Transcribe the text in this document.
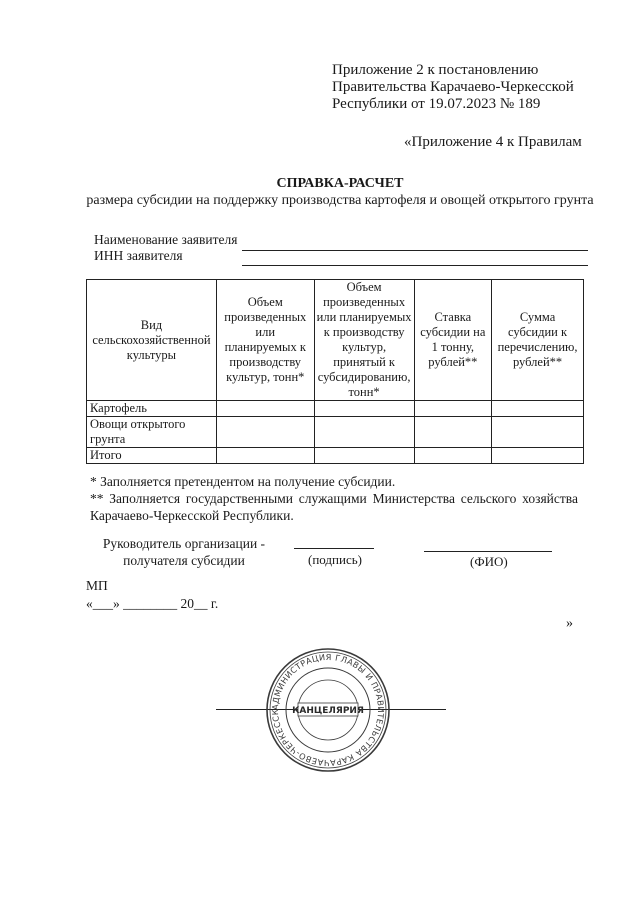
Приложение 2 к постановлению
Правительства Карачаево-Черкесской
Республики от 19.07.2023 № 189
«Приложение 4 к Правилам
СПРАВКА-РАСЧЕТ
размера субсидии на поддержку производства картофеля и овощей открытого грунта
Наименование заявителя
ИНН заявителя
Вид сельскохозяйственной культуры	Объем произведенных или планируемых к производству культур, тонн*	Объем произведенных или планируемых к производству культур, принятый к субсидированию, тонн*	Ставка субсидии на 1 тонну, рублей**	Сумма субсидии к перечислению, рублей**
Картофель				
Овощи открытого грунта				
Итого				
* Заполняется претендентом на получение субсидии.
** Заполняется государственными служащими Министерства сельского хозяйства Карачаево-Черкесской Республики.
Руководитель организации -
получателя субсидии	(подпись)	(ФИО)
МП
«___» ________ 20__ г.
»
АДМИНИСТРАЦИЯ ГЛАВЫ И ПРАВИТЕЛЬСТВА КАРАЧАЕВО-ЧЕРКЕССК	КАНЦЕЛЯРИЯ
